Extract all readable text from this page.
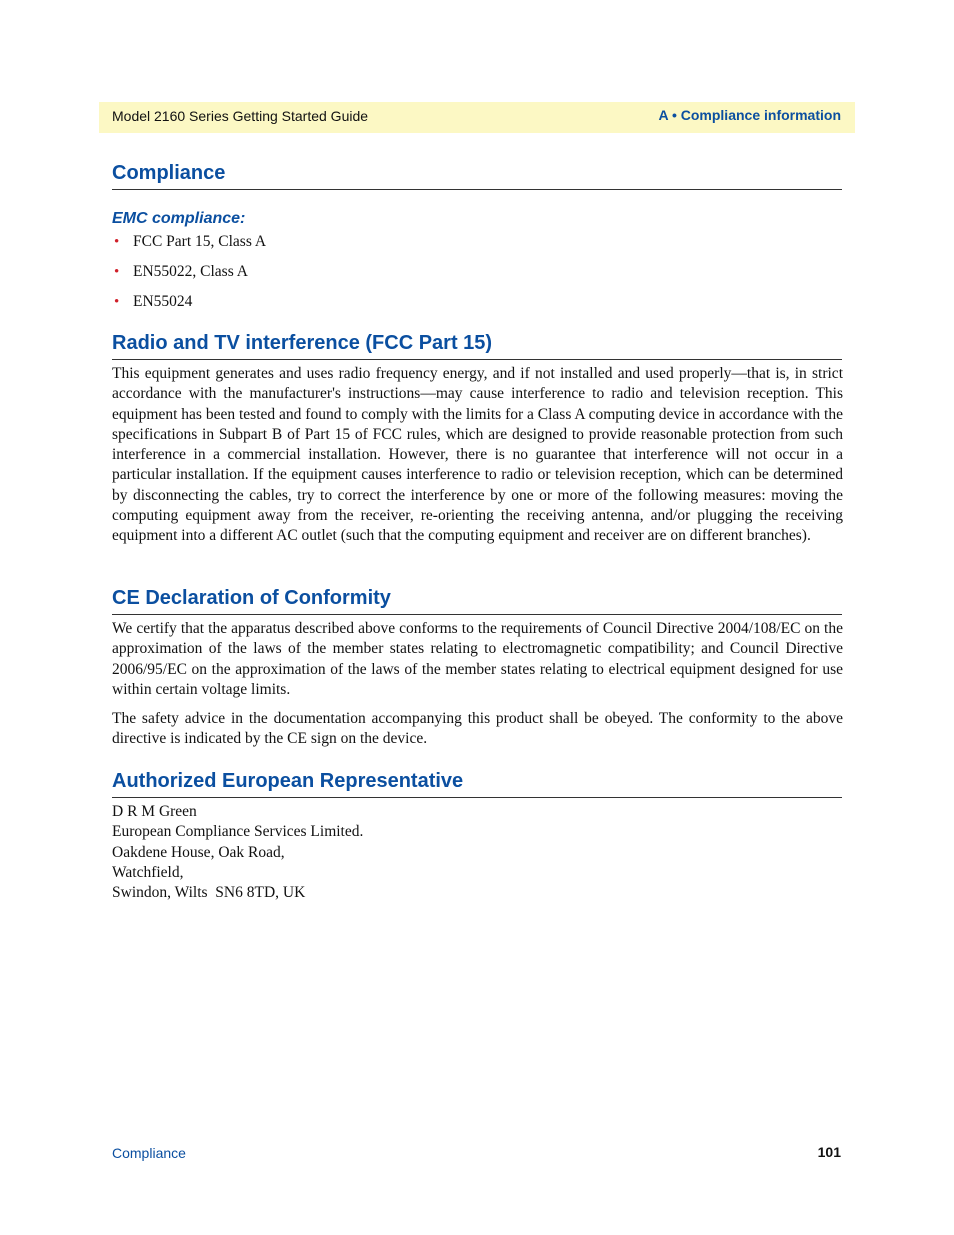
Model 2160 Series Getting Started Guide	A • Compliance information
Compliance
EMC compliance:
• FCC Part 15, Class A
• EN55022, Class A
• EN55024
Radio and TV interference (FCC Part 15)

This equipment generates and uses radio frequency energy, and if not installed and used properly—that is, in strict accordance with the manufacturer's instructions—may cause interference to radio and television reception. This equipment has been tested and found to comply with the limits for a Class A computing device in accordance with the specifications in Subpart B of Part 15 of FCC rules, which are designed to provide reasonable protection from such interference in a commercial installation. However, there is no guarantee that interference will not occur in a particular installation. If the equipment causes interference to radio or television reception, which can be determined by disconnecting the cables, try to correct the interference by one or more of the following measures: moving the computing equipment away from the receiver, re-orienting the receiving antenna, and/or plugging the receiving equipment into a different AC outlet (such that the computing equipment and receiver are on different branches).

CE Declaration of Conformity

We certify that the apparatus described above conforms to the requirements of Council Directive 2004/108/EC on the approximation of the laws of the member states relating to electromagnetic compatibility; and Council Directive 2006/95/EC on the approximation of the laws of the member states relating to electrical equipment designed for use within certain voltage limits.

The safety advice in the documentation accompanying this product shall be obeyed. The conformity to the above directive is indicated by the CE sign on the device.

Authorized European Representative
D R M Green
European Compliance Services Limited.
Oakdene House, Oak Road,
Watchfield,
Swindon, Wilts  SN6 8TD, UK
Compliance	101
